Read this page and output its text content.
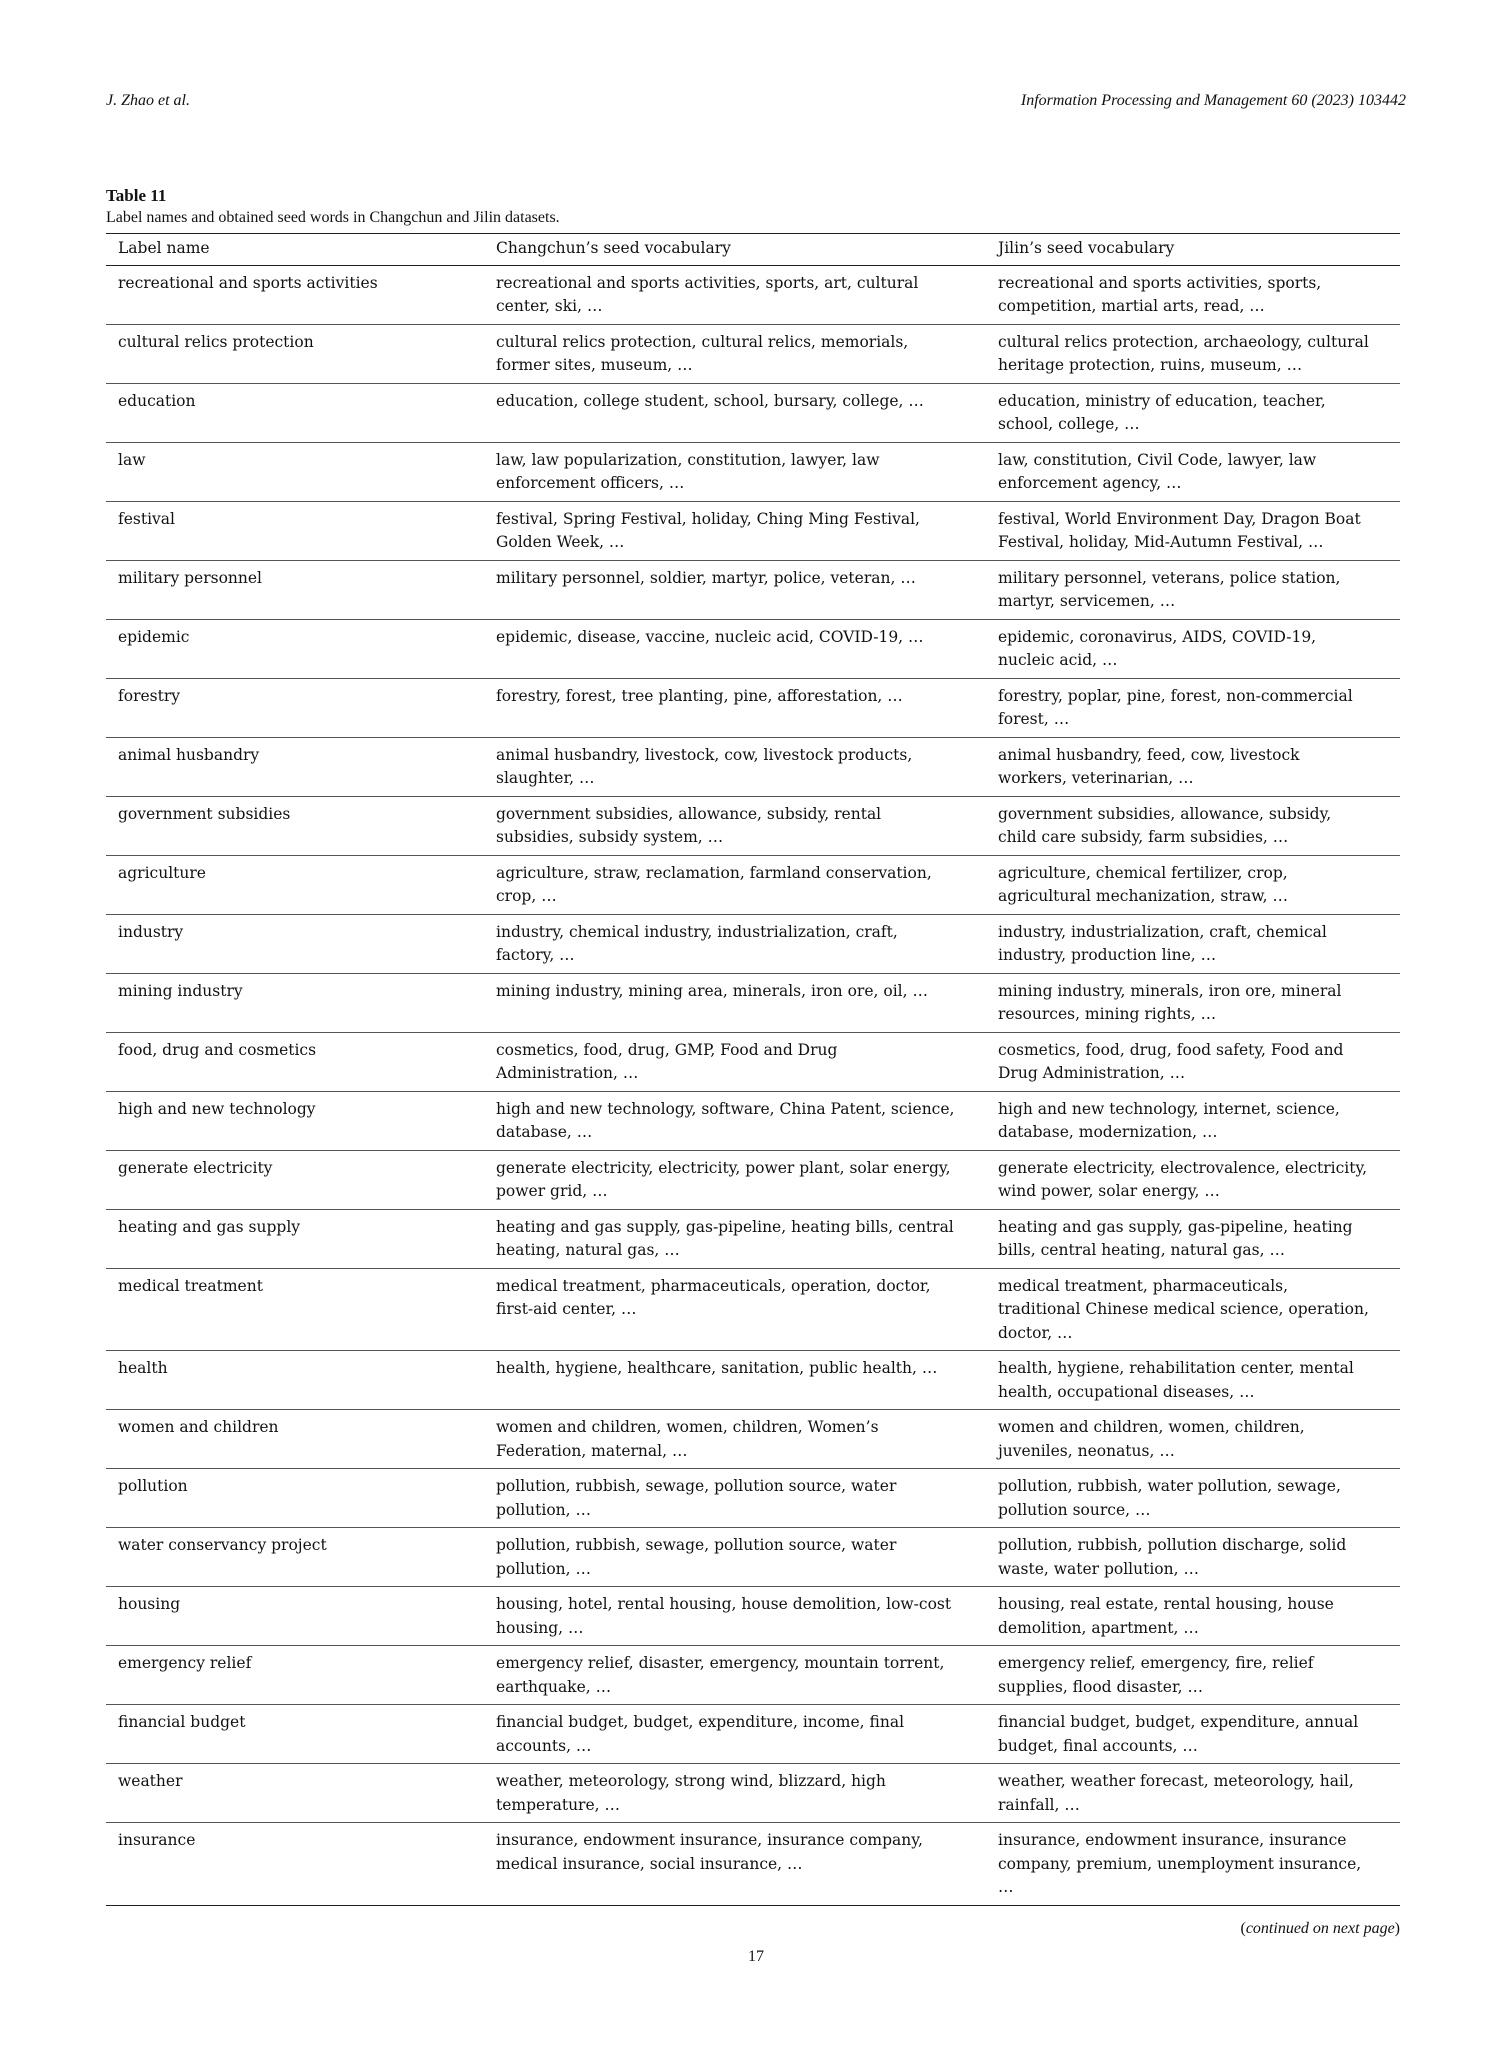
J. Zhao et al.	Information Processing and Management 60 (2023) 103442
Table 11
Label names and obtained seed words in Changchun and Jilin datasets.
Label name	Changchun’s seed vocabulary	Jilin’s seed vocabulary
recreational and sports activities	recreational and sports activities, sports, art, cultural center, ski, …	recreational and sports activities, sports, competition, martial arts, read, …
cultural relics protection	cultural relics protection, cultural relics, memorials, former sites, museum, …	cultural relics protection, archaeology, cultural heritage protection, ruins, museum, …
education	education, college student, school, bursary, college, …	education, ministry of education, teacher, school, college, …
law	law, law popularization, constitution, lawyer, law enforcement officers, …	law, constitution, Civil Code, lawyer, law enforcement agency, …
festival	festival, Spring Festival, holiday, Ching Ming Festival, Golden Week, …	festival, World Environment Day, Dragon Boat Festival, holiday, Mid-Autumn Festival, …
military personnel	military personnel, soldier, martyr, police, veteran, …	military personnel, veterans, police station, martyr, servicemen, …
epidemic	epidemic, disease, vaccine, nucleic acid, COVID-19, …	epidemic, coronavirus, AIDS, COVID-19, nucleic acid, …
forestry	forestry, forest, tree planting, pine, afforestation, …	forestry, poplar, pine, forest, non-commercial forest, …
animal husbandry	animal husbandry, livestock, cow, livestock products, slaughter, …	animal husbandry, feed, cow, livestock workers, veterinarian, …
government subsidies	government subsidies, allowance, subsidy, rental subsidies, subsidy system, …	government subsidies, allowance, subsidy, child care subsidy, farm subsidies, …
agriculture	agriculture, straw, reclamation, farmland conservation, crop, …	agriculture, chemical fertilizer, crop, agricultural mechanization, straw, …
industry	industry, chemical industry, industrialization, craft, factory, …	industry, industrialization, craft, chemical industry, production line, …
mining industry	mining industry, mining area, minerals, iron ore, oil, …	mining industry, minerals, iron ore, mineral resources, mining rights, …
food, drug and cosmetics	cosmetics, food, drug, GMP, Food and Drug Administration, …	cosmetics, food, drug, food safety, Food and Drug Administration, …
high and new technology	high and new technology, software, China Patent, science, database, …	high and new technology, internet, science, database, modernization, …
generate electricity	generate electricity, electricity, power plant, solar energy, power grid, …	generate electricity, electrovalence, electricity, wind power, solar energy, …
heating and gas supply	heating and gas supply, gas-pipeline, heating bills, central heating, natural gas, …	heating and gas supply, gas-pipeline, heating bills, central heating, natural gas, …
medical treatment	medical treatment, pharmaceuticals, operation, doctor, first-aid center, …	medical treatment, pharmaceuticals, traditional Chinese medical science, operation, doctor, …
health	health, hygiene, healthcare, sanitation, public health, …	health, hygiene, rehabilitation center, mental health, occupational diseases, …
women and children	women and children, women, children, Women’s Federation, maternal, …	women and children, women, children, juveniles, neonatus, …
pollution	pollution, rubbish, sewage, pollution source, water pollution, …	pollution, rubbish, water pollution, sewage, pollution source, …
water conservancy project	pollution, rubbish, sewage, pollution source, water pollution, …	pollution, rubbish, pollution discharge, solid waste, water pollution, …
housing	housing, hotel, rental housing, house demolition, low-cost housing, …	housing, real estate, rental housing, house demolition, apartment, …
emergency relief	emergency relief, disaster, emergency, mountain torrent, earthquake, …	emergency relief, emergency, fire, relief supplies, flood disaster, …
financial budget	financial budget, budget, expenditure, income, final accounts, …	financial budget, budget, expenditure, annual budget, final accounts, …
weather	weather, meteorology, strong wind, blizzard, high temperature, …	weather, weather forecast, meteorology, hail, rainfall, …
insurance	insurance, endowment insurance, insurance company, medical insurance, social insurance, …	insurance, endowment insurance, insurance company, premium, unemployment insurance, …
(continued on next page)
17
